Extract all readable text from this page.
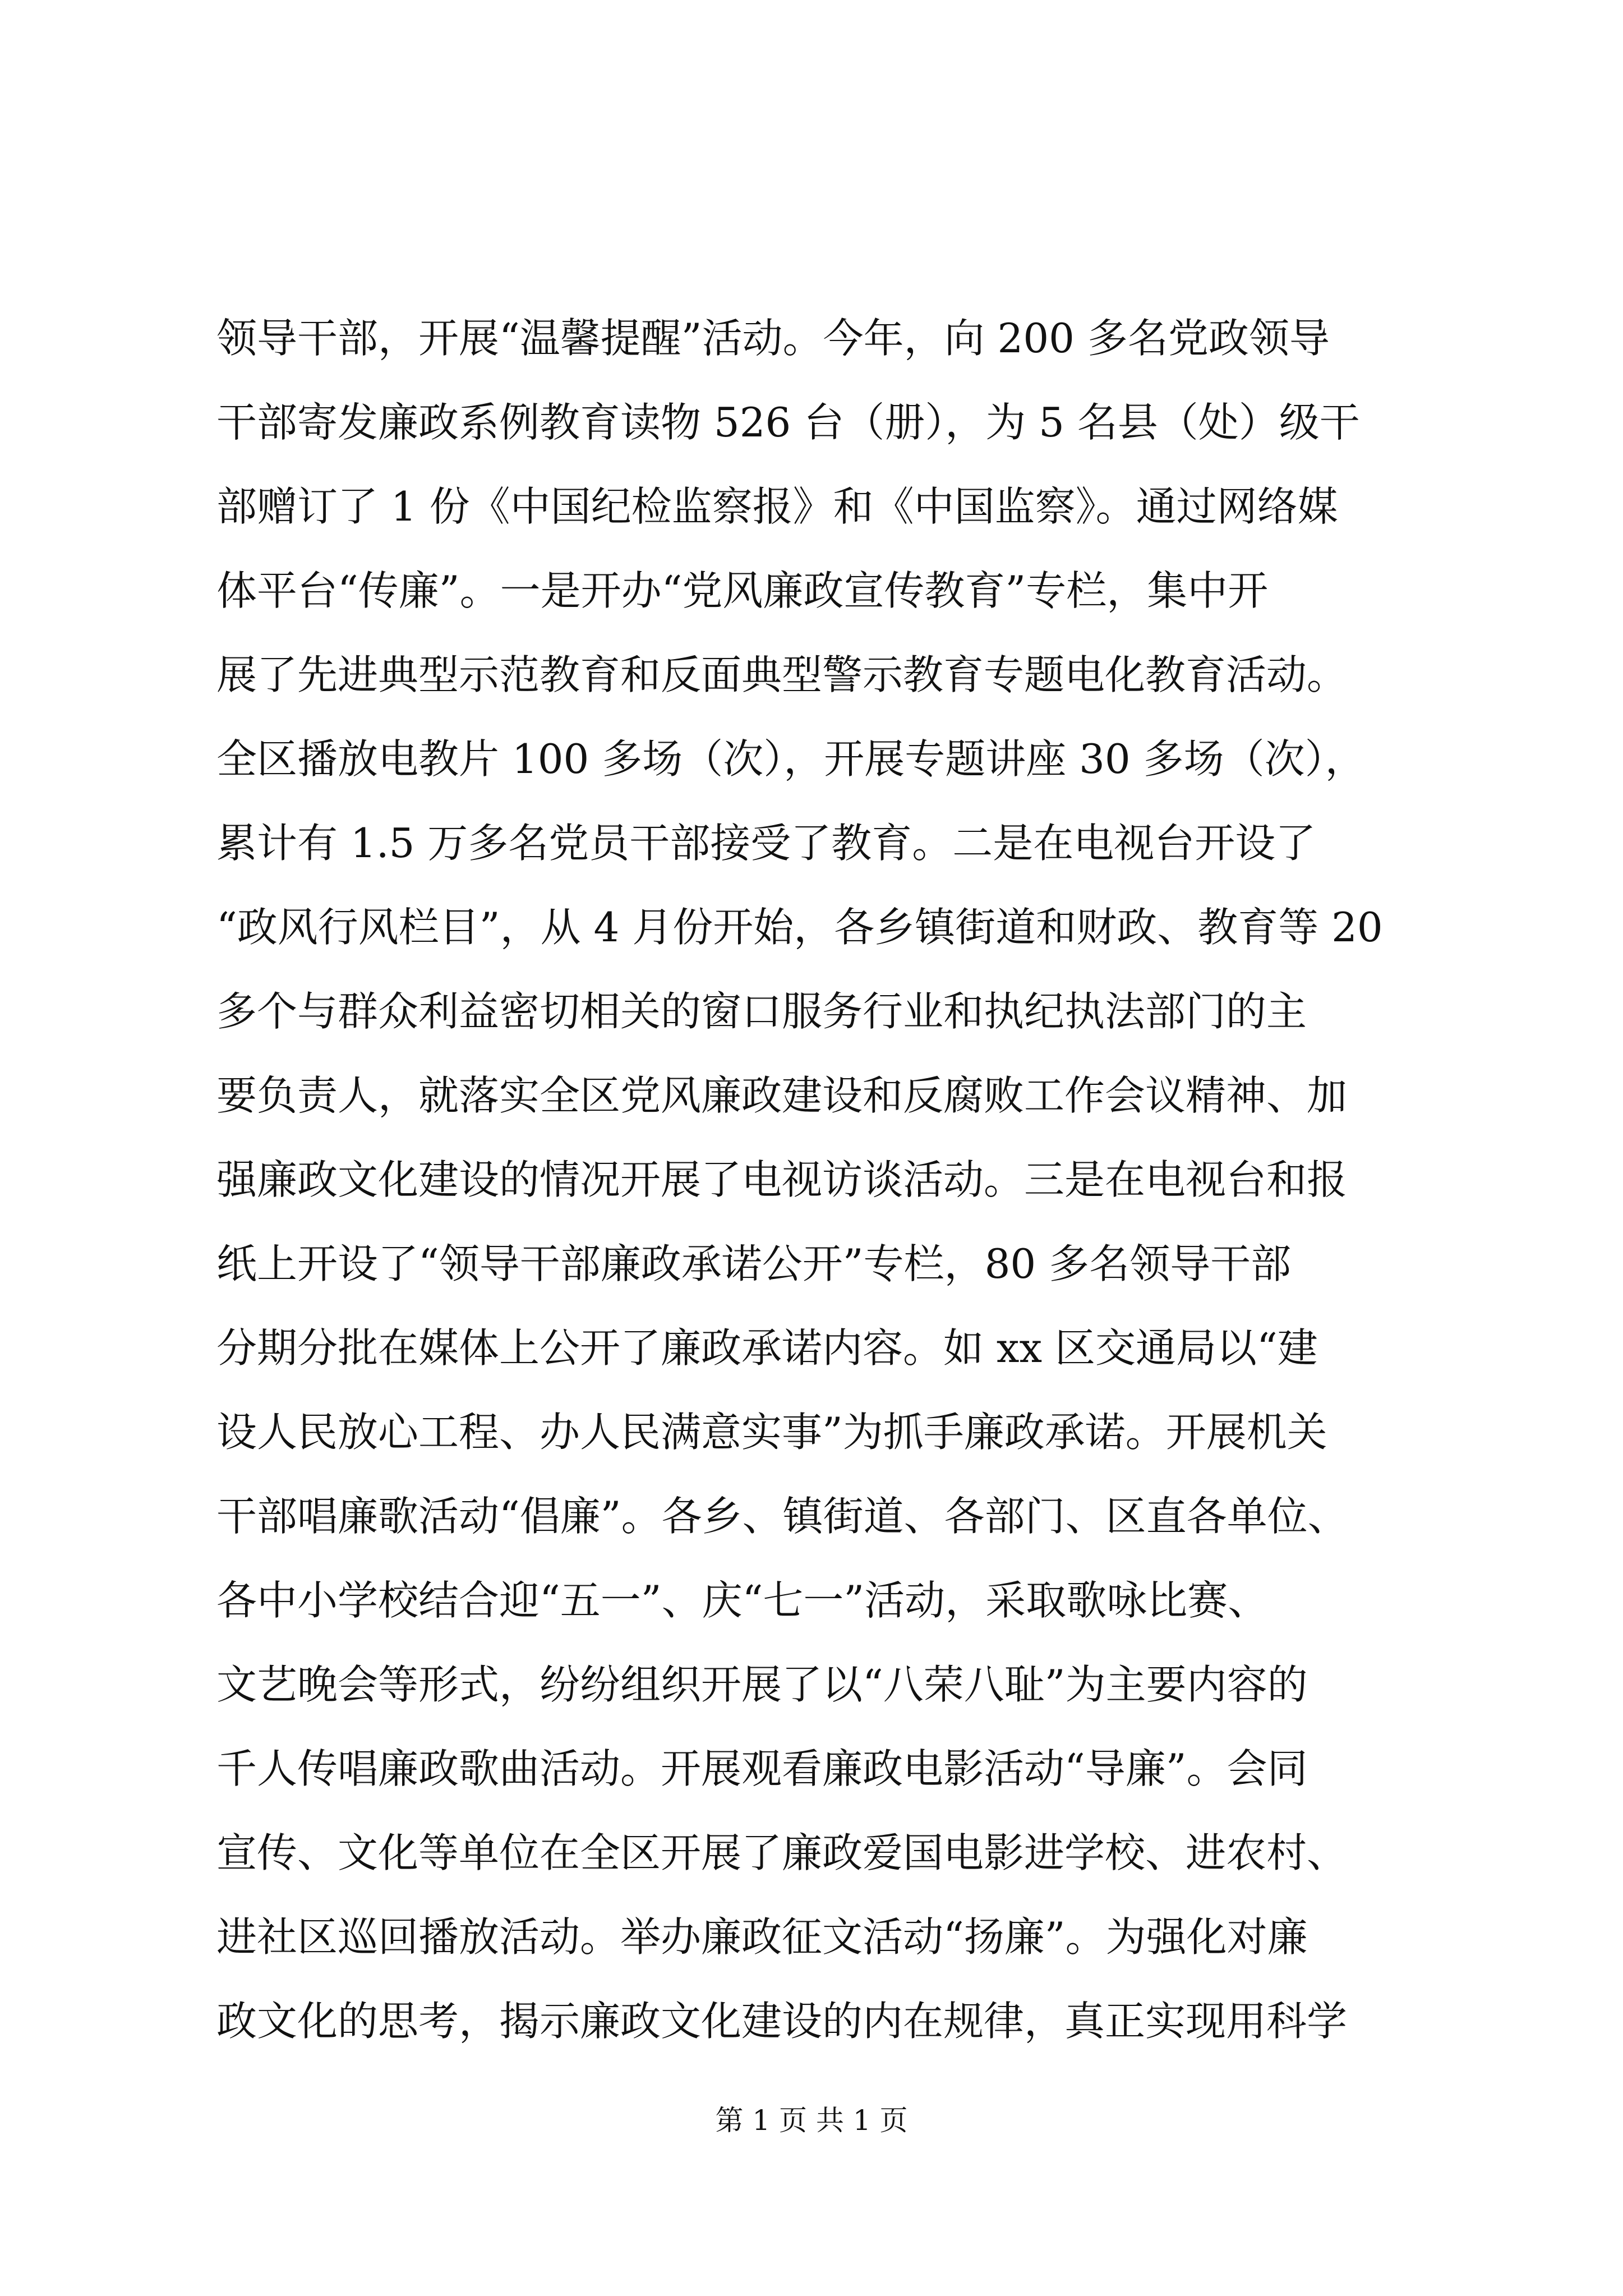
领导干部，开展“温馨提醒”活动。今年，向 200 多名党政领导
干部寄发廉政系例教育读物 526 台（册），为 5 名县（处）级干
部赠订了 1 份《中国纪检监察报》和《中国监察》。通过网络媒
体平台“传廉”。一是开办“党风廉政宣传教育”专栏，集中开
展了先进典型示范教育和反面典型警示教育专题电化教育活动。
全区播放电教片 100 多场（次），开展专题讲座 30 多场（次），
累计有 1.5 万多名党员干部接受了教育。二是在电视台开设了
“政风行风栏目”，从 4 月份开始，各乡镇街道和财政、教育等 20
多个与群众利益密切相关的窗口服务行业和执纪执法部门的主
要负责人，就落实全区党风廉政建设和反腐败工作会议精神、加
强廉政文化建设的情况开展了电视访谈活动。三是在电视台和报
纸上开设了“领导干部廉政承诺公开”专栏，80 多名领导干部
分期分批在媒体上公开了廉政承诺内容。如 xx 区交通局以“建
设人民放心工程、办人民满意实事”为抓手廉政承诺。开展机关
干部唱廉歌活动“倡廉”。各乡、镇街道、各部门、区直各单位、
各中小学校结合迎“五一”、庆“七一”活动，采取歌咏比赛、
文艺晚会等形式，纷纷组织开展了以“八荣八耻”为主要内容的
千人传唱廉政歌曲活动。开展观看廉政电影活动“导廉”。会同
宣传、文化等单位在全区开展了廉政爱国电影进学校、进农村、
进社区巡回播放活动。举办廉政征文活动“扬廉”。为强化对廉
政文化的思考，揭示廉政文化建设的内在规律，真正实现用科学
第 1 页 共 1 页
